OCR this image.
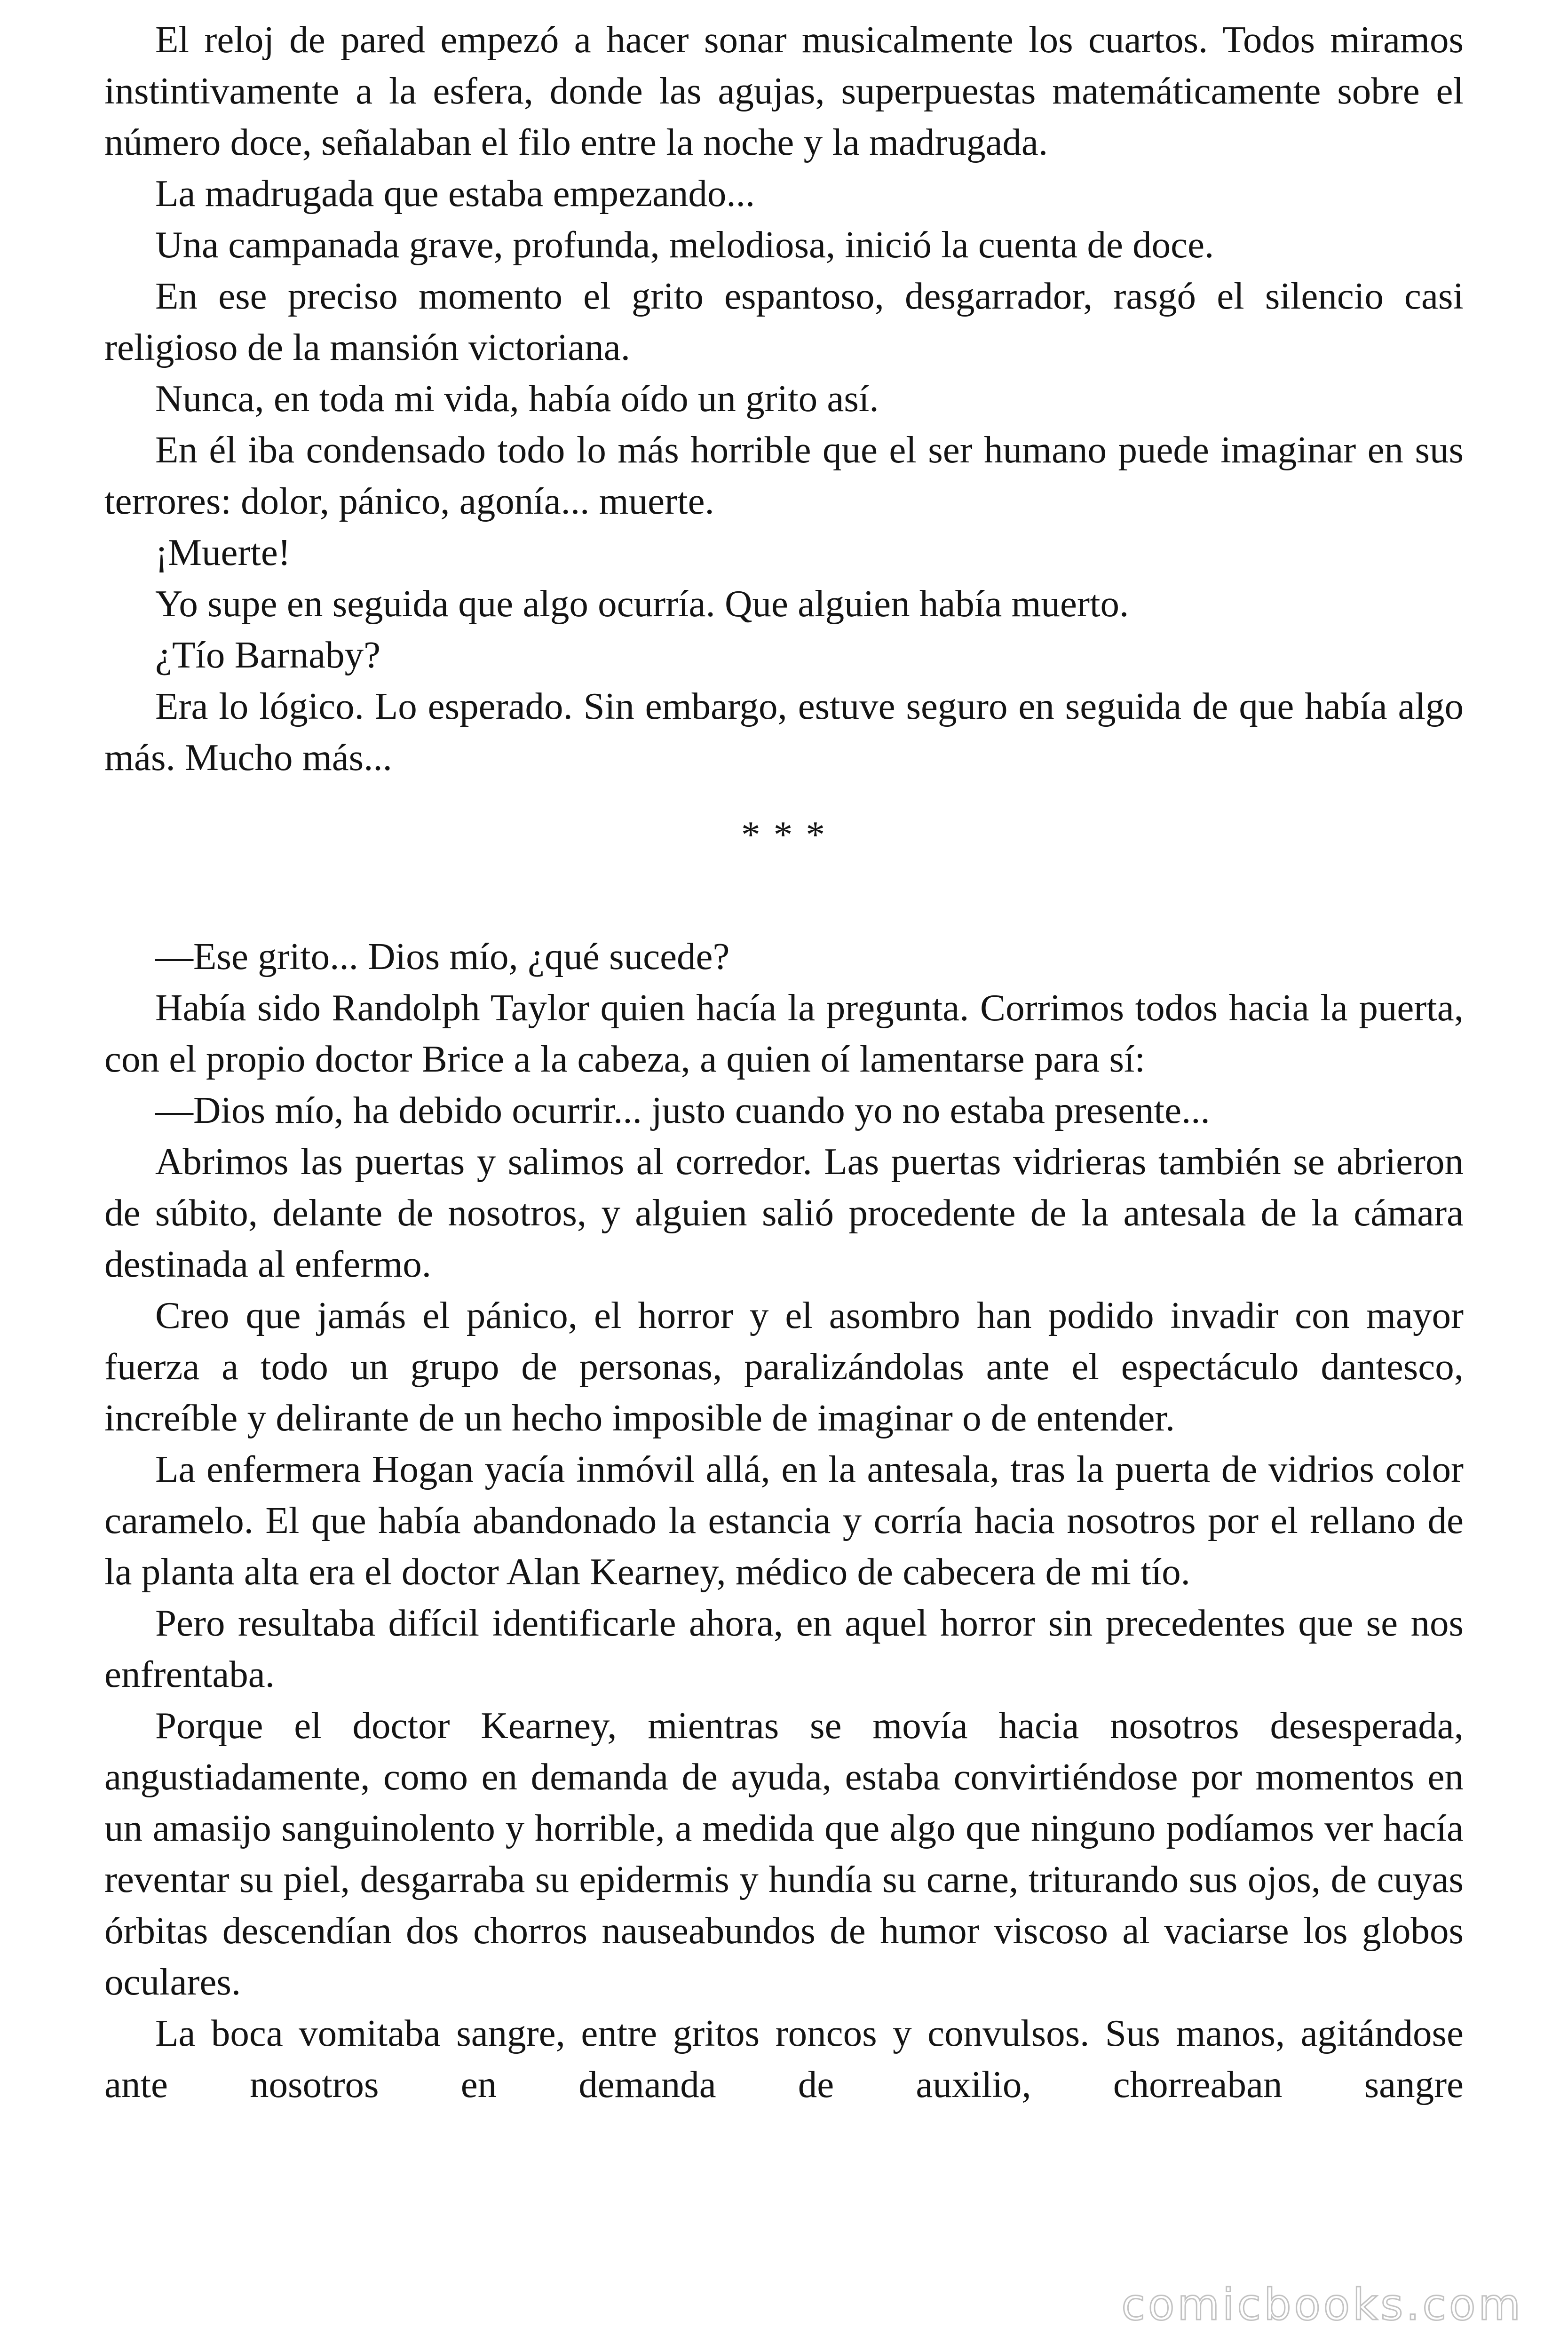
El reloj de pared empezó a hacer sonar musicalmente los cuartos. Todos miramos instintivamente a la esfera, donde las agujas, superpuestas matemáticamente sobre el número doce, señalaban el filo entre la noche y la madrugada.

La madrugada que estaba empezando...

Una campanada grave, profunda, melodiosa, inició la cuenta de doce.

En ese preciso momento el grito espantoso, desgarrador, rasgó el silencio casi religioso de la mansión victoriana.

Nunca, en toda mi vida, había oído un grito así.

En él iba condensado todo lo más horrible que el ser humano puede imaginar en sus terrores: dolor, pánico, agonía... muerte.

¡Muerte!

Yo supe en seguida que algo ocurría. Que alguien había muerto.

¿Tío Barnaby?

Era lo lógico. Lo esperado. Sin embargo, estuve seguro en seguida de que había algo más. Mucho más...

* * *

—Ese grito... Dios mío, ¿qué sucede?

Había sido Randolph Taylor quien hacía la pregunta. Corrimos todos hacia la puerta, con el propio doctor Brice a la cabeza, a quien oí lamentarse para sí:

—Dios mío, ha debido ocurrir... justo cuando yo no estaba presente...

Abrimos las puertas y salimos al corredor. Las puertas vidrieras también se abrieron de súbito, delante de nosotros, y alguien salió procedente de la antesala de la cámara destinada al enfermo.

Creo que jamás el pánico, el horror y el asombro han podido invadir con mayor fuerza a todo un grupo de personas, paralizándolas ante el espectáculo dantesco, increíble y delirante de un hecho imposible de imaginar o de entender.

La enfermera Hogan yacía inmóvil allá, en la antesala, tras la puerta de vidrios color caramelo. El que había abandonado la estancia y corría hacia nosotros por el rellano de la planta alta era el doctor Alan Kearney, médico de cabecera de mi tío.

Pero resultaba difícil identificarle ahora, en aquel horror sin precedentes que se nos enfrentaba.

Porque el doctor Kearney, mientras se movía hacia nosotros desesperada, angustiadamente, como en demanda de ayuda, estaba convirtiéndose por momentos en un amasijo sanguinolento y horrible, a medida que algo que ninguno podíamos ver hacía reventar su piel, desgarraba su epidermis y hundía su carne, triturando sus ojos, de cuyas órbitas descendían dos chorros nauseabundos de humor viscoso al vaciarse los globos oculares.

La boca vomitaba sangre, entre gritos roncos y convulsos. Sus manos, agitándose ante nosotros en demanda de auxilio, chorreaban sangre

comicbooks.com
